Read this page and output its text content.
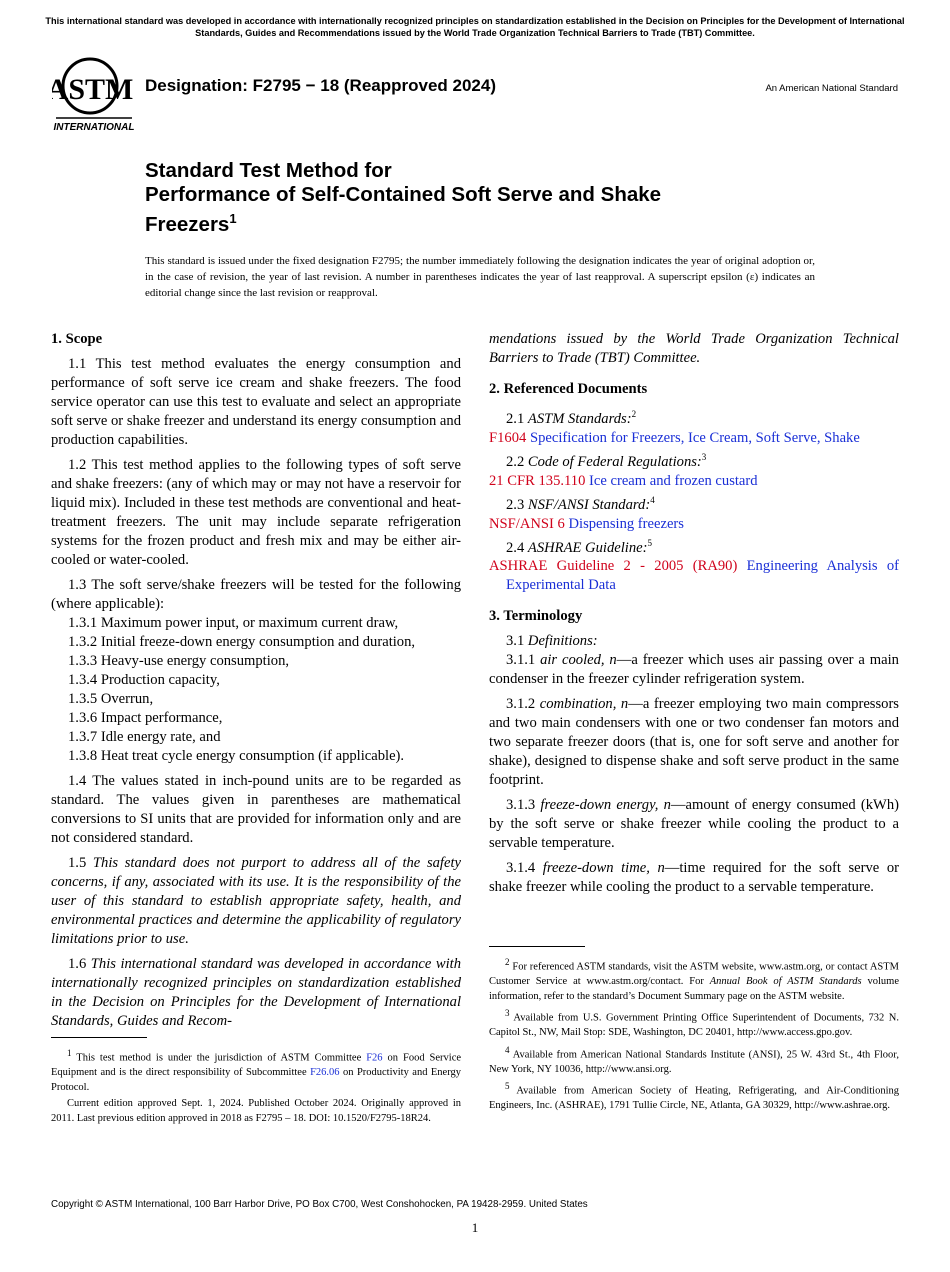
This international standard was developed in accordance with internationally recognized principles on standardization established in the Decision on Principles for the Development of International Standards, Guides and Recommendations issued by the World Trade Organization Technical Barriers to Trade (TBT) Committee.
ASTM
INTERNATIONAL
Designation: F2795 − 18 (Reapproved 2024)	An American National Standard
Standard Test Method for
Performance of Self-Contained Soft Serve and Shake
Freezers$^1$
This standard is issued under the fixed designation F2795; the number immediately following the designation indicates the year of original adoption or, in the case of revision, the year of last revision. A number in parentheses indicates the year of last reapproval. A superscript epsilon (ε) indicates an editorial change since the last revision or reapproval.
1. Scope

1.1 This test method evaluates the energy consumption and performance of soft serve ice cream and shake freezers. The food service operator can use this test to evaluate and select an appropriate soft serve or shake freezer and understand its energy consumption and production capabilities.

1.2 This test method applies to the following types of soft serve and shake freezers: (any of which may or may not have a reservoir for liquid mix). Included in these test methods are conventional and heat-treatment freezers. The unit may include separate refrigeration systems for the frozen product and fresh mix and may be either air-cooled or water-cooled.

1.3 The soft serve/shake freezers will be tested for the following (where applicable):

1.3.1 Maximum power input, or maximum current draw,

1.3.2 Initial freeze-down energy consumption and duration,

1.3.3 Heavy-use energy consumption,

1.3.4 Production capacity,

1.3.5 Overrun,

1.3.6 Impact performance,

1.3.7 Idle energy rate, and

1.3.8 Heat treat cycle energy consumption (if applicable).

1.4 The values stated in inch-pound units are to be regarded as standard. The values given in parentheses are mathematical conversions to SI units that are provided for information only and are not considered standard.

1.5 This standard does not purport to address all of the safety concerns, if any, associated with its use. It is the responsibility of the user of this standard to establish appropriate safety, health, and environmental practices and determine the applicability of regulatory limitations prior to use.

1.6 This international standard was developed in accordance with internationally recognized principles on standardization established in the Decision on Principles for the Development of International Standards, Guides and Recom-

$^1$ This test method is under the jurisdiction of ASTM Committee F26 on Food Service Equipment and is the direct responsibility of Subcommittee F26.06 on Productivity and Energy Protocol.

Current edition approved Sept. 1, 2024. Published October 2024. Originally approved in 2011. Last previous edition approved in 2018 as F2795 – 18. DOI: 10.1520/F2795-18R24.

mendations issued by the World Trade Organization Technical Barriers to Trade (TBT) Committee.

2. Referenced Documents

2.1 ASTM Standards:$^2$

F1604 Specification for Freezers, Ice Cream, Soft Serve, Shake

2.2 Code of Federal Regulations:$^3$

21 CFR 135.110 Ice cream and frozen custard

2.3 NSF/ANSI Standard:$^4$

NSF/ANSI 6 Dispensing freezers

2.4 ASHRAE Guideline:$^5$

ASHRAE Guideline 2 - 2005 (RA90) Engineering Analysis of Experimental Data

3. Terminology

3.1 Definitions:

3.1.1 air cooled, n—a freezer which uses air passing over a main condenser in the freezer cylinder refrigeration system.

3.1.2 combination, n—a freezer employing two main compressors and two main condensers with one or two condenser fan motors and two separate freezer doors (that is, one for soft serve and another for shake), designed to dispense shake and soft serve product in the same footprint.

3.1.3 freeze-down energy, n—amount of energy consumed (kWh) by the soft serve or shake freezer while cooling the product to a servable temperature.

3.1.4 freeze-down time, n—time required for the soft serve or shake freezer while cooling the product to a servable temperature.

$^2$ For referenced ASTM standards, visit the ASTM website, www.astm.org, or contact ASTM Customer Service at www.astm.org/contact. For Annual Book of ASTM Standards volume information, refer to the standard’s Document Summary page on the ASTM website.

$^3$ Available from U.S. Government Printing Office Superintendent of Documents, 732 N. Capitol St., NW, Mail Stop: SDE, Washington, DC 20401, http://www.access.gpo.gov.

$^4$ Available from American National Standards Institute (ANSI), 25 W. 43rd St., 4th Floor, New York, NY 10036, http://www.ansi.org.

$^5$ Available from American Society of Heating, Refrigerating, and Air-Conditioning Engineers, Inc. (ASHRAE), 1791 Tullie Circle, NE, Atlanta, GA 30329, http://www.ashrae.org.

Copyright © ASTM International, 100 Barr Harbor Drive, PO Box C700, West Conshohocken, PA 19428-2959. United States
1
